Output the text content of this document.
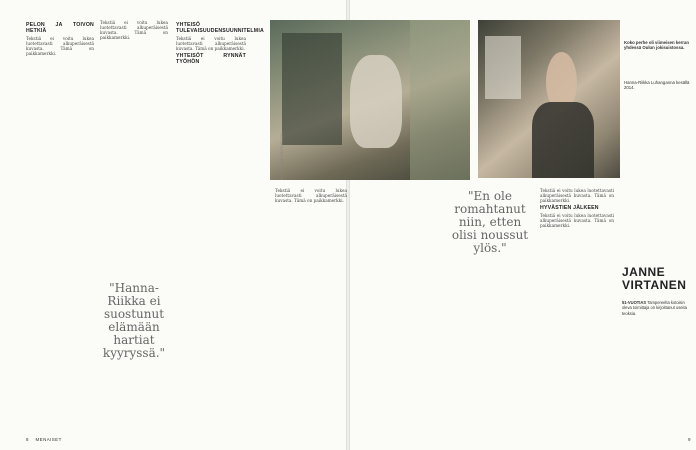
PELON JA TOIVON HETKIÄ

Tekstiä ei voitu lukea luotettavasti alkuperäisestä kuvasta. Tämä on paikkamerkki.

Tekstiä ei voitu lukea luotettavasti alkuperäisestä kuvasta. Tämä on paikkamerkki.

"Hanna-Riikka ei suostunut elämään hartiat kyyryssä."
YHTEISÖ TULEVAISUUDENSUUNNITELMIA

Tekstiä ei voitu lukea luotettavasti alkuperäisestä kuvasta. Tämä on paikkamerkki.

YHTEISÖT RYNNÄT TYÖHÖN
8 MENAISET
KUVA ANNA TUOMIKOSKI
Koko perhe oli viimeisen kerran yhdessä Oulun jokisuistossa.
Hanna-Riikka Luhanganna kesällä 2014.
"En ole romahtanut niin, etten olisi noussut ylös."

Tekstiä ei voitu lukea luotettavasti alkuperäisestä kuvasta. Tämä on paikkamerkki.

Tekstiä ei voitu lukea luotettavasti alkuperäisestä kuvasta. Tämä on paikkamerkki.

HYVÄSTIEN JÄLKEEN

Tekstiä ei voitu lukea luotettavasti alkuperäisestä kuvasta. Tämä on paikkamerkki.

9
JANNE
VIRTANEN
51-VUOTIAS Tampereelta kotoisin oleva toimittaja on kirjoittanut useita teoksia.
